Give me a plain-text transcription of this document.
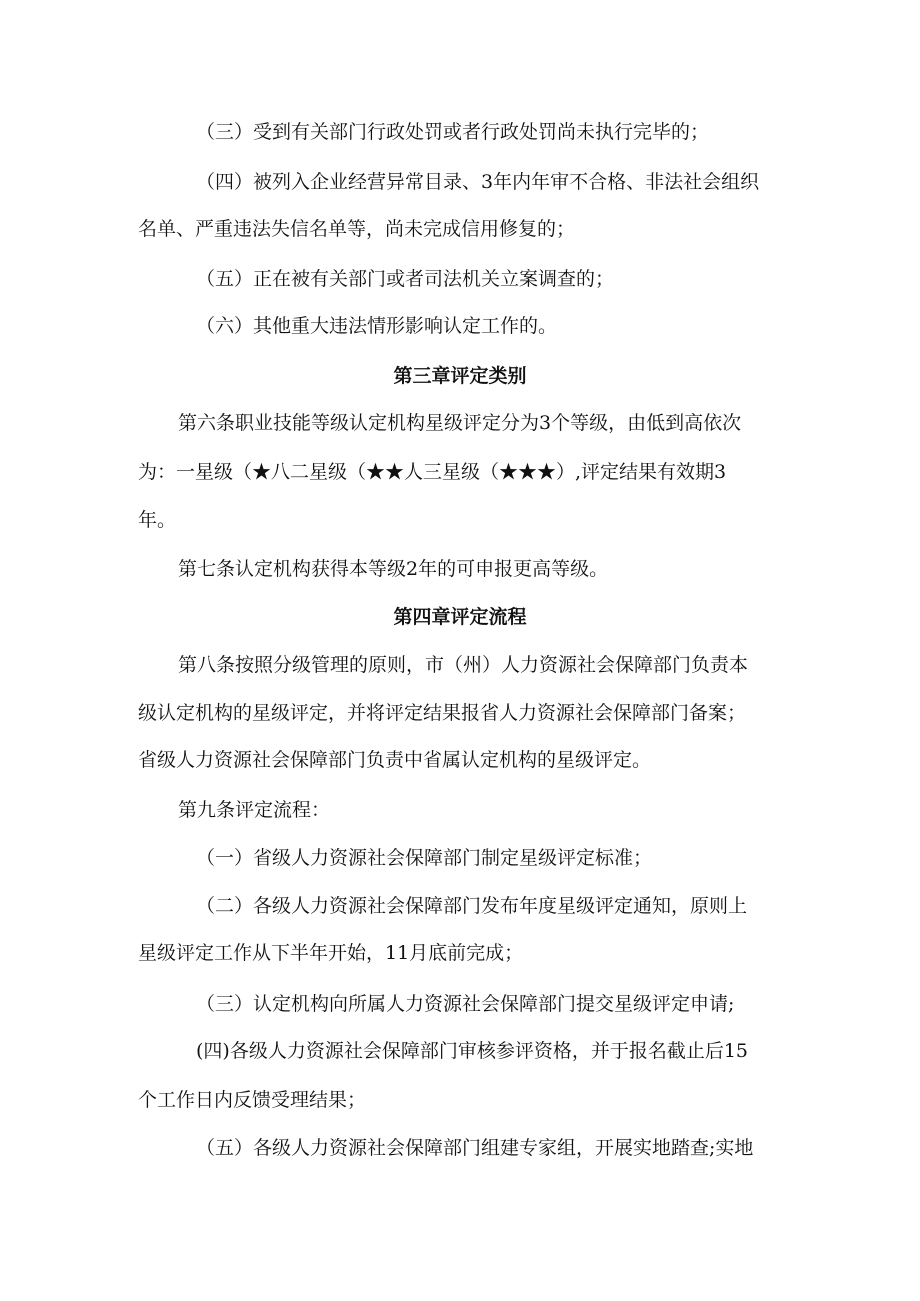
（三）受到有关部门行政处罚或者行政处罚尚未执行完毕的；
（四）被列入企业经营异常目录、3年内年审不合格、非法社会组织
名单、严重违法失信名单等，尚未完成信用修复的；
（五）正在被有关部门或者司法机关立案调查的；
（六）其他重大违法情形影响认定工作的。
第三章评定类别
第六条职业技能等级认定机构星级评定分为3个等级，由低到高依次
为：一星级（★八二星级（★★人三星级（★★★）,评定结果有效期3
年。
第七条认定机构获得本等级2年的可申报更高等级。
第四章评定流程
第八条按照分级管理的原则，市（州）人力资源社会保障部门负责本
级认定机构的星级评定，并将评定结果报省人力资源社会保障部门备案；
省级人力资源社会保障部门负责中省属认定机构的星级评定。
第九条评定流程：
（一）省级人力资源社会保障部门制定星级评定标准；
（二）各级人力资源社会保障部门发布年度星级评定通知，原则上
星级评定工作从下半年开始，11月底前完成；
（三）认定机构向所属人力资源社会保障部门提交星级评定申请;
(四)各级人力资源社会保障部门审核参评资格，并于报名截止后15
个工作日内反馈受理结果；
（五）各级人力资源社会保障部门组建专家组，开展实地踏查;实地
